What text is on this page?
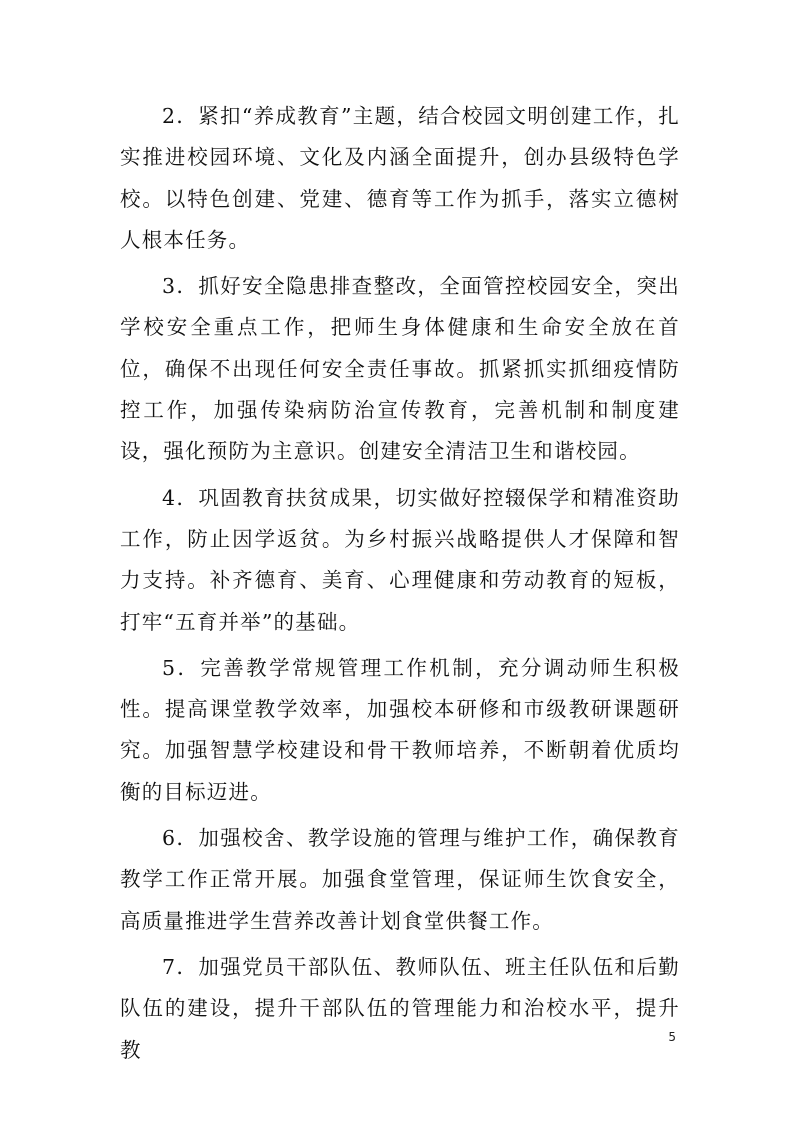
2．紧扣“养成教育”主题，结合校园文明创建工作，扎实推进校园环境、文化及内涵全面提升，创办县级特色学校。以特色创建、党建、德育等工作为抓手，落实立德树人根本任务。

3．抓好安全隐患排查整改，全面管控校园安全，突出学校安全重点工作，把师生身体健康和生命安全放在首位，确保不出现任何安全责任事故。抓紧抓实抓细疫情防控工作，加强传染病防治宣传教育，完善机制和制度建设，强化预防为主意识。创建安全清洁卫生和谐校园。

4．巩固教育扶贫成果，切实做好控辍保学和精准资助工作，防止因学返贫。为乡村振兴战略提供人才保障和智力支持。补齐德育、美育、心理健康和劳动教育的短板，打牢“五育并举”的基础。

5．完善教学常规管理工作机制，充分调动师生积极性。提高课堂教学效率，加强校本研修和市级教研课题研究。加强智慧学校建设和骨干教师培养，不断朝着优质均衡的目标迈进。

6．加强校舍、教学设施的管理与维护工作，确保教育教学工作正常开展。加强食堂管理，保证师生饮食安全，高质量推进学生营养改善计划食堂供餐工作。

7．加强党员干部队伍、教师队伍、班主任队伍和后勤队伍的建设，提升干部队伍的管理能力和治校水平，提升教

5
